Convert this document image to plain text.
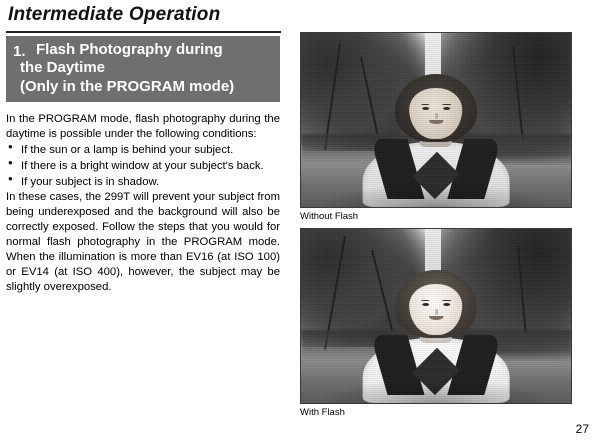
Intermediate Operation
1. Flash Photography during
the Daytime
(Only in the PROGRAM mode)

In the PROGRAM mode, flash photography during the daytime is possible under the following conditions:

● If the sun or a lamp is behind your subject.
● If there is a bright window at your subject's back.
● If your subject is in shadow.

In these cases, the 299T will prevent your subject from being underexposed and the background will also be correctly exposed. Follow the steps that you would for normal flash photography in the PROGRAM mode. When the illumination is more than EV16 (at ISO 100) or EV14 (at ISO 400), however, the subject may be slightly overexposed.

Without Flash
With Flash
27
